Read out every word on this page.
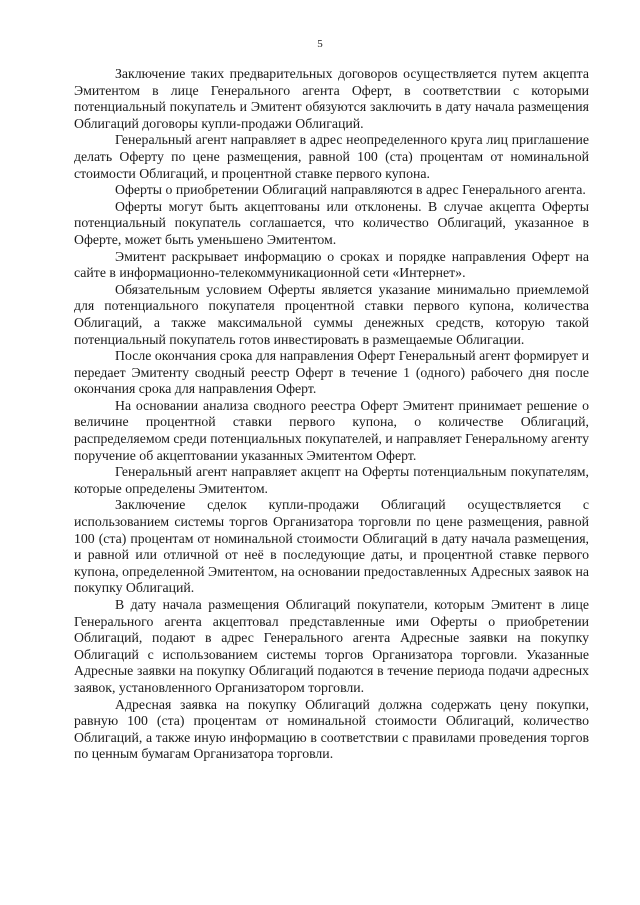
5

Заключение таких предварительных договоров осуществляется путем акцепта Эмитентом в лице Генерального агента Оферт, в соответствии с которыми потенциальный покупатель и Эмитент обязуются заключить в дату начала размещения Облигаций договоры купли-продажи Облигаций.

Генеральный агент направляет в адрес неопределенного круга лиц приглашение делать Оферту по цене размещения, равной 100 (ста) процентам от номинальной стоимости Облигаций, и процентной ставке первого купона.

Оферты о приобретении Облигаций направляются в адрес Генерального агента.

Оферты могут быть акцептованы или отклонены. В случае акцепта Оферты потенциальный покупатель соглашается, что количество Облигаций, указанное в Оферте, может быть уменьшено Эмитентом.

Эмитент раскрывает информацию о сроках и порядке направления Оферт на сайте в информационно-телекоммуникационной сети «Интернет».

Обязательным условием Оферты является указание минимально приемлемой для потенциального покупателя процентной ставки первого купона, количества Облигаций, а также максимальной суммы денежных средств, которую такой потенциальный покупатель готов инвестировать в размещаемые Облигации.

После окончания срока для направления Оферт Генеральный агент формирует и передает Эмитенту сводный реестр Оферт в течение 1 (одного) рабочего дня после окончания срока для направления Оферт.

На основании анализа сводного реестра Оферт Эмитент принимает решение о величине процентной ставки первого купона, о количестве Облигаций, распределяемом среди потенциальных покупателей, и направляет Генеральному агенту поручение об акцептовании указанных Эмитентом Оферт.

Генеральный агент направляет акцепт на Оферты потенциальным покупателям, которые определены Эмитентом.

Заключение сделок купли-продажи Облигаций осуществляется с использованием системы торгов Организатора торговли по цене размещения, равной 100 (ста) процентам от номинальной стоимости Облигаций в дату начала размещения, и равной или отличной от неё в последующие даты, и процентной ставке первого купона, определенной Эмитентом, на основании предоставленных Адресных заявок на покупку Облигаций.

В дату начала размещения Облигаций покупатели, которым Эмитент в лице Генерального агента акцептовал представленные ими Оферты о приобретении Облигаций, подают в адрес Генерального агента Адресные заявки на покупку Облигаций с использованием системы торгов Организатора торговли. Указанные Адресные заявки на покупку Облигаций подаются в течение периода подачи адресных заявок, установленного Организатором торговли.

Адресная заявка на покупку Облигаций должна содержать цену покупки, равную 100 (ста) процентам от номинальной стоимости Облигаций, количество Облигаций, а также иную информацию в соответствии с правилами проведения торгов по ценным бумагам Организатора торговли.
